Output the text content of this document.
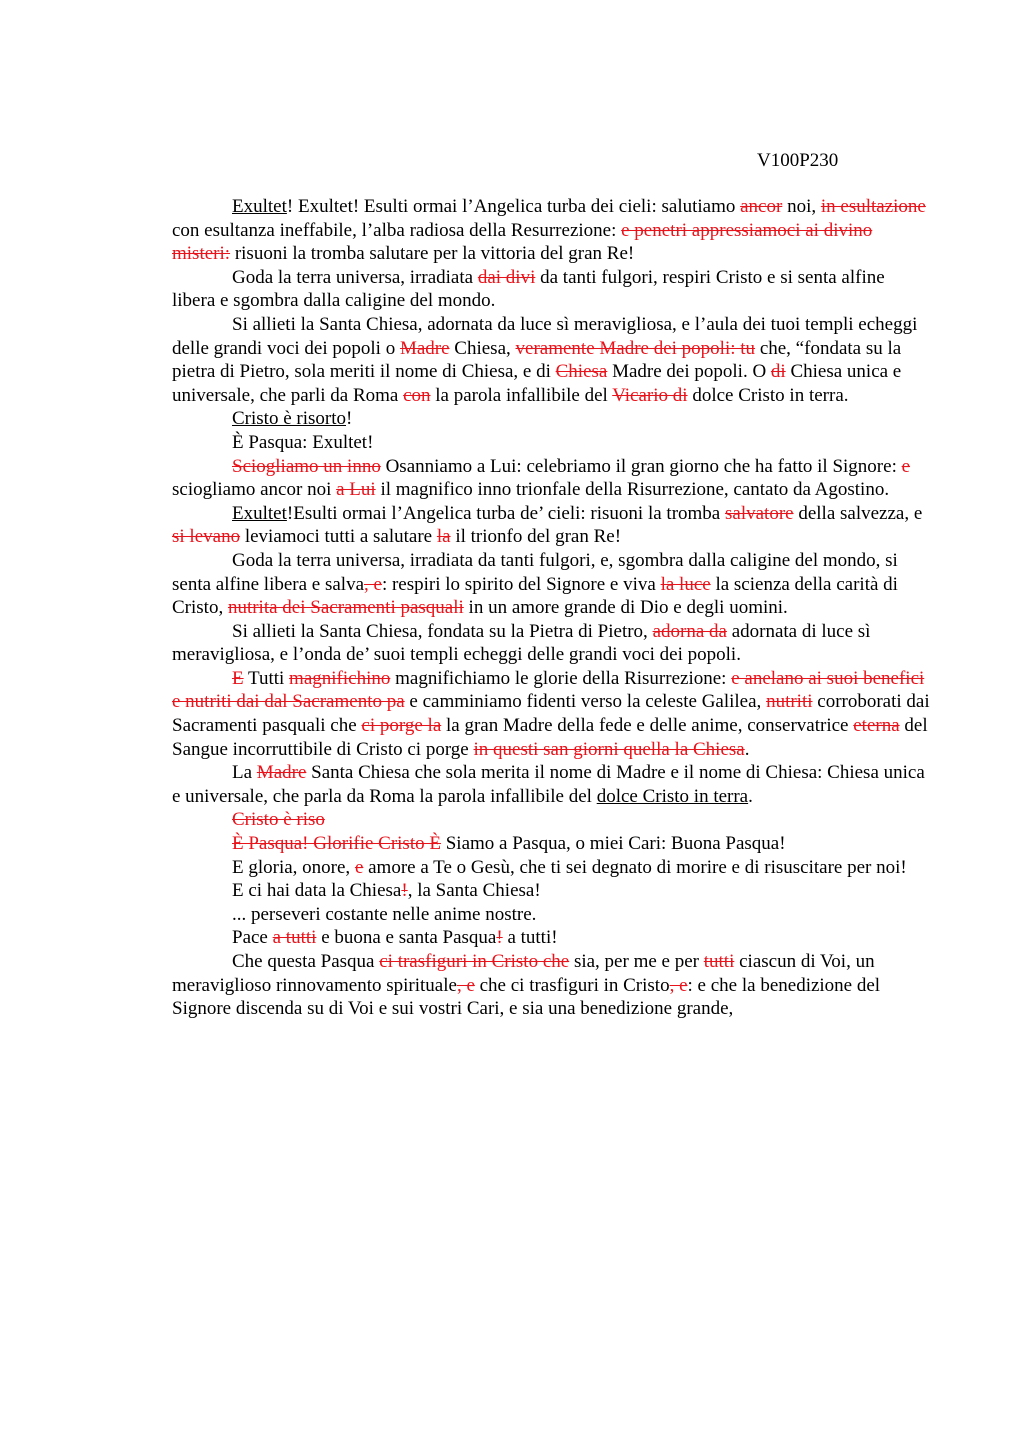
V100P230

Exultet! Exultet! Esulti ormai l’Angelica turba dei cieli: salutiamo ancor noi, in esultazione con esultanza ineffabile, l’alba radiosa della Resurrezione: e penetri appressiamoci ai divino misteri: risuoni la tromba salutare per la vittoria del gran Re!

Goda la terra universa, irradiata dai divi da tanti fulgori, respiri Cristo e si senta alfine libera e sgombra dalla caligine del mondo.

Si allieti la Santa Chiesa, adornata da luce sì meravigliosa, e l’aula dei tuoi templi echeggi delle grandi voci dei popoli o Madre Chiesa, veramente Madre dei popoli: tu che, “fondata su la pietra di Pietro, sola meriti il nome di Chiesa, e di Chiesa Madre dei popoli. O di Chiesa unica e universale, che parli da Roma con la parola infallibile del Vicario di dolce Cristo in terra.

Cristo è risorto!

È Pasqua: Exultet!

Sciogliamo un inno Osanniamo a Lui: celebriamo il gran giorno che ha fatto il Signore: e sciogliamo ancor noi a Lui il magnifico inno trionfale della Risurrezione, cantato da Agostino.

Exultet!Esulti ormai l’Angelica turba de’ cieli: risuoni la tromba salvatore della salvezza, e si levano leviamoci tutti a salutare la il trionfo del gran Re!

Goda la terra universa, irradiata da tanti fulgori, e, sgombra dalla caligine del mondo, si senta alfine libera e salva, e: respiri lo spirito del Signore e viva la luce la scienza della carità di Cristo, nutrita dei Sacramenti pasquali in un amore grande di Dio e degli uomini.

Si allieti la Santa Chiesa, fondata su la Pietra di Pietro, adorna da adornata di luce sì meravigliosa, e l’onda de’ suoi templi echeggi delle grandi voci dei popoli.

E Tutti magnifichino magnifichiamo le glorie della Risurrezione: e anelano ai suoi benefici e nutriti dai dal Sacramento pa e camminiamo fidenti verso la celeste Galilea, nutriti corroborati dai Sacramenti pasquali che ci porge la la gran Madre della fede e delle anime, conservatrice eterna del Sangue incorruttibile di Cristo ci porge in questi san giorni quella la Chiesa.

La Madre Santa Chiesa che sola merita il nome di Madre e il nome di Chiesa: Chiesa unica e universale, che parla da Roma la parola infallibile del dolce Cristo in terra.

Cristo è riso

È Pasqua! Glorifie Cristo È Siamo a Pasqua, o miei Cari: Buona Pasqua!

E gloria, onore, e amore a Te o Gesù, che ti sei degnato di morire e di risuscitare per noi!

E ci hai data la Chiesa!, la Santa Chiesa!

... perseveri costante nelle anime nostre.

Pace a tutti e buona e santa Pasqua! a tutti!

Che questa Pasqua ci trasfiguri in Cristo che sia, per me e per tutti ciascun di Voi, un meraviglioso rinnovamento spirituale, e che ci trasfiguri in Cristo, e: e che la benedizione del Signore discenda su di Voi e sui vostri Cari, e sia una benedizione grande,
